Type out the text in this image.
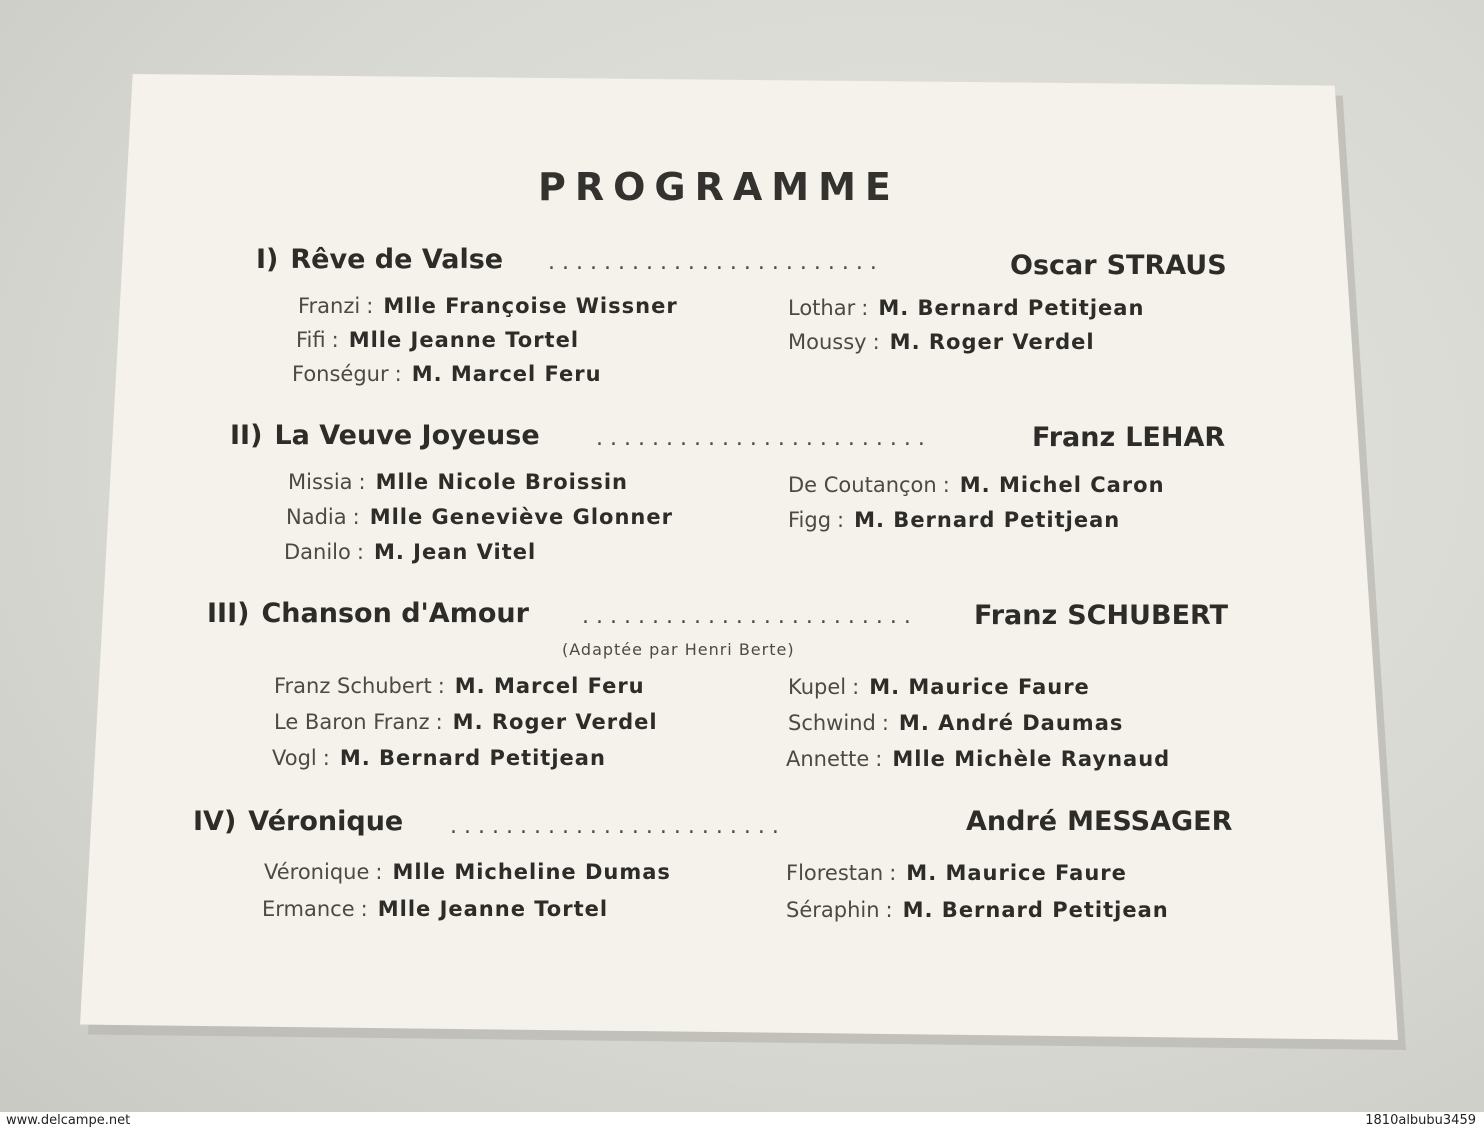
PROGRAMME
I) Rêve de Valse ........................	Oscar STRAUS
Franzi : Mlle Françoise Wissner
Fifi : Mlle Jeanne Tortel
Fonségur : M. Marcel Feru
Lothar : M. Bernard Petitjean
Moussy : M. Roger Verdel
II) La Veuve Joyeuse	........................	Franz LEHAR
Missia : Mlle Nicole Broissin
Nadia : Mlle Geneviève Glonner
Danilo : M. Jean Vitel
De Coutançon : M. Michel Caron
Figg : M. Bernard Petitjean
III) Chanson d'Amour ........................	Franz SCHUBERT
(Adaptée par Henri Berte)
Franz Schubert : M. Marcel Feru
Le Baron Franz : M. Roger Verdel
Vogl : M. Bernard Petitjean
Kupel : M. Maurice Faure
Schwind : M. André Daumas
Annette : Mlle Michèle Raynaud
IV) Véronique ........................	André MESSAGER
Véronique : Mlle Micheline Dumas
Ermance : Mlle Jeanne Tortel
Florestan : M. Maurice Faure
Séraphin : M. Bernard Petitjean
www.delcampe.net	1810albubu3459
